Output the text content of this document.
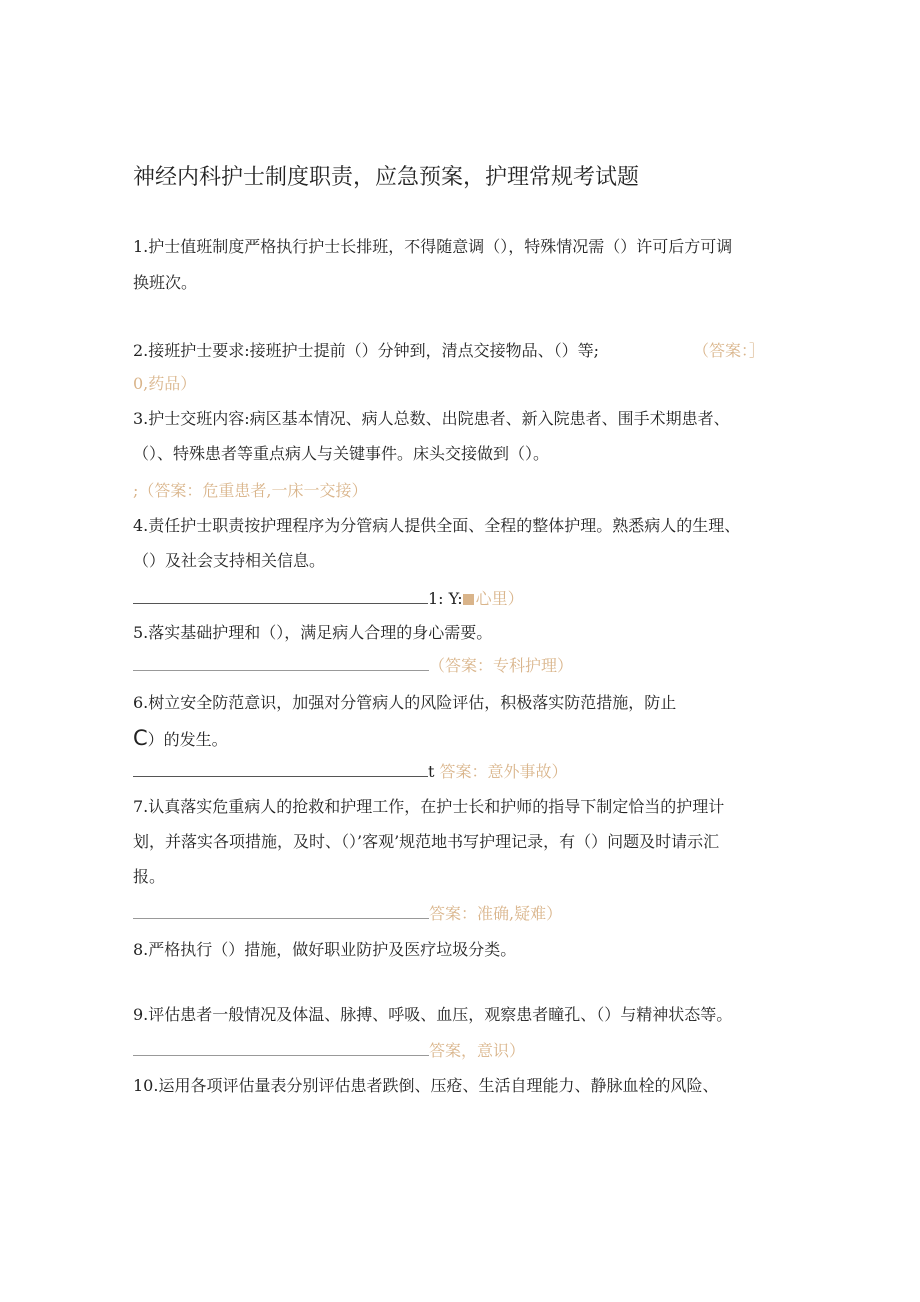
神经内科护士制度职责，应急预案，护理常规考试题
1.护士值班制度严格执行护士长排班，不得随意调（），特殊情况需（）许可后方可调
换班次。
2.接班护士要求:接班护士提前（）分钟到，清点交接物品、（）等;	（答案：］
0,药品）
3.护士交班内容:病区基本情况、病人总数、出院患者、新入院患者、围手术期患者、
（）、特殊患者等重点病人与关键事件。床头交接做到（）。
;（答案：危重患者,一床一交接）
4.责任护士职责按护理程序为分管病人提供全面、全程的整体护理。熟悉病人的生理、
（）及社会支持相关信息。
1: Y: 心里）
5.落实基础护理和（），满足病人合理的身心需要。
（答案：专科护理）
6.树立安全防范意识，加强对分管病人的风险评估，积极落实防范措施，防止
C）的发生。
t 答案：意外事故）
7.认真落实危重病人的抢救和护理工作，在护士长和护师的指导下制定恰当的护理计
划，并落实各项措施，及时、（）’客观’规范地书写护理记录，有（）问题及时请示汇
报。
答案：准确,疑难）
8.严格执行（）措施，做好职业防护及医疗垃圾分类。
9.评估患者一般情况及体温、脉搏、呼吸、血压，观察患者瞳孔、（）与精神状态等。
答案，意识）
10.运用各项评估量表分别评估患者跌倒、压疮、生活自理能力、静脉血栓的风险、
